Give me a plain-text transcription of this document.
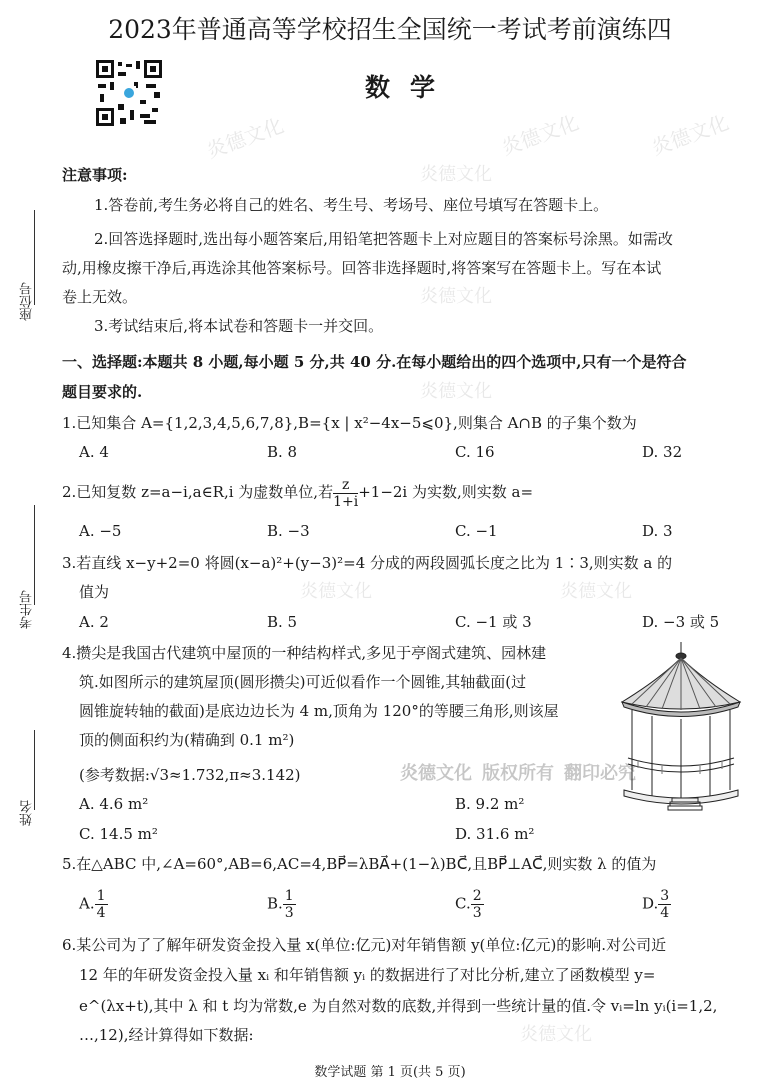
炎德文化	炎德文化	炎德文化
炎德文化
炎德文化
炎德文化
炎德文化	炎德文化
炎德文化
炎德文化 版权所有 翻印必究
座位号
考生号
姓名
2023年普通高等学校招生全国统一考试考前演练四
数学
注意事项:
1.答卷前,考生务必将自己的姓名、考生号、考场号、座位号填写在答题卡上。
2.回答选择题时,选出每小题答案后,用铅笔把答题卡上对应题目的答案标号涂黑。如需改
动,用橡皮擦干净后,再选涂其他答案标号。回答非选择题时,将答案写在答题卡上。写在本试
卷上无效。
3.考试结束后,将本试卷和答题卡一并交回。
一、选择题:本题共 8 小题,每小题 5 分,共 40 分.在每小题给出的四个选项中,只有一个是符合
题目要求的.
1.已知集合 A={1,2,3,4,5,6,7,8},B={x | x²−4x−5⩽0},则集合 A∩B 的子集个数为
A. 4	B. 8	C. 16	D. 32
2.已知复数 z=a−i,a∈R,i 为虚数单位,若 $\frac{z}{1+i} +1-2i$ 为实数,则实数 a=
A. −5	B. −3	C. −1	D. 3
3.若直线 x−y+2=0 将圆(x−a)²+(y−3)²=4 分成的两段圆弧长度之比为 1∶3,则实数 a 的
值为
A. 2	B. 5	C. −1 或 3	D. −3 或 5
4.攒尖是我国古代建筑中屋顶的一种结构样式,多见于亭阁式建筑、园林建
筑.如图所示的建筑屋顶(圆形攒尖)可近似看作一个圆锥,其轴截面(过
圆锥旋转轴的截面)是底边边长为 4 m,顶角为 120°的等腰三角形,则该屋
顶的侧面积约为(精确到 0.1 m²)
(参考数据:√3≈1.732,π≈3.142)
A. 4.6 m²	B. 9.2 m²
C. 14.5 m²	D. 31.6 m²
5.在△ABC 中,∠A=60°,AB=6,AC=4,BP⃗=λBA⃗+(1−λ)BC⃗,且BP⃗⊥AC⃗,则实数 λ 的值为
A. $\frac{1}{4}$	B. $\frac{1}{3}$	C. $\frac{2}{3}$	D. $\frac{3}{4}$
6.某公司为了了解年研发资金投入量 x(单位:亿元)对年销售额 y(单位:亿元)的影响.对公司近
12 年的年研发资金投入量 xᵢ 和年销售额 yᵢ 的数据进行了对比分析,建立了函数模型 y=
e^(λx+t),其中 λ 和 t 均为常数,e 为自然对数的底数,并得到一些统计量的值.令 vᵢ=ln yᵢ(i=1,2,
…,12),经计算得如下数据:
数学试题 第 1 页(共 5 页)
